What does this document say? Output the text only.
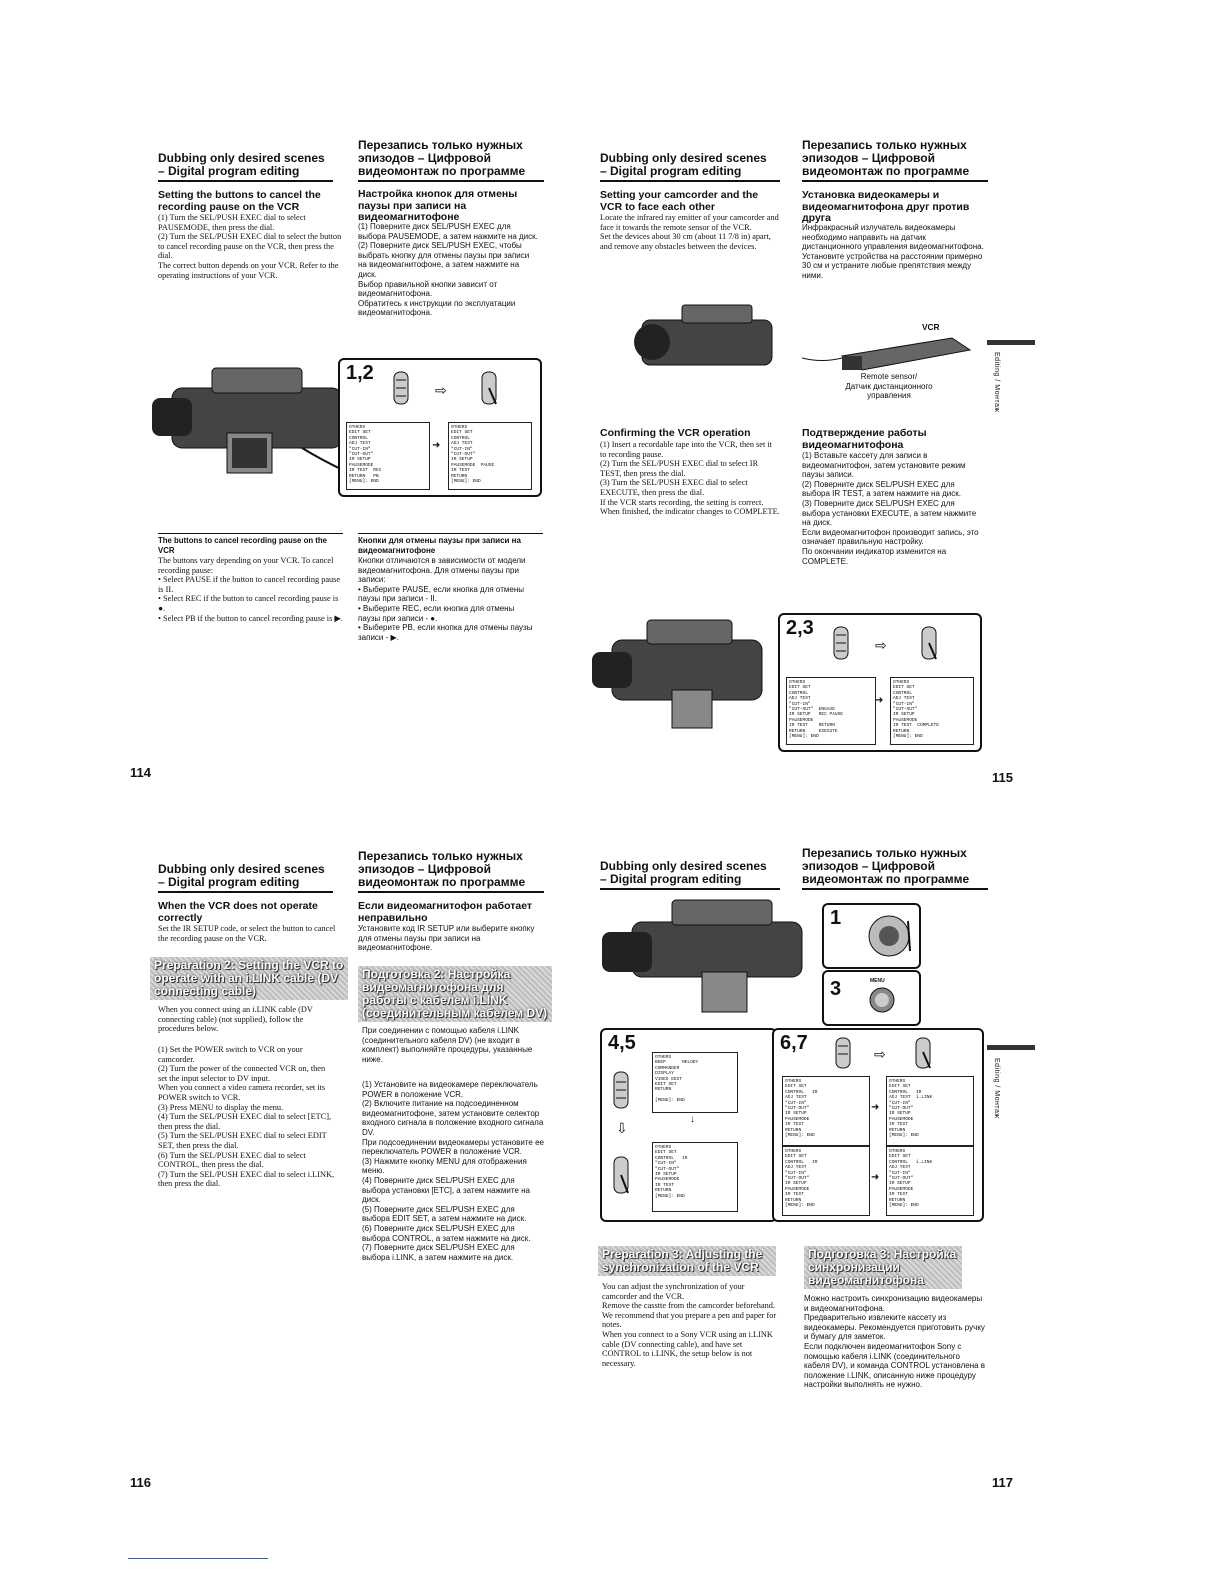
Dubbing only desired scenes
– Digital program editing
Перезапись только нужных эпизодов – Цифровой видеомонтаж по программе
Setting the buttons to cancel the recording pause on the VCR
(1) Turn the SEL/PUSH EXEC dial to select PAUSEMODE, then press the dial.
(2) Turn the SEL/PUSH EXEC dial to select the button to cancel recording pause on the VCR, then press the dial.
The correct button depends on your VCR. Refer to the operating instructions of your VCR.
Настройка кнопок для отмены паузы при записи на видеомагнитофоне
(1) Поверните диск SEL/PUSH EXEC для выбора PAUSEMODE, а затем нажмите на диск.
(2) Поверните диск SEL/PUSH EXEC, чтобы выбрать кнопку для отмены паузы при записи на видеомагнитофоне, а затем нажмите на диск.
Выбор правильной кнопки зависит от видеомагнитофона.
Обратитесь к инструкции по эксплуатации видеомагнитофона.
1,2
⇨
OTHERS
EDIT SET
CONTROL
ADJ TEST
"CUT-IN"
"CUT-OUT"
IR SETUP
PAUSEMODE
IR TEST  REC
RETURN   PB
[MENU]: END
➜
OTHERS
EDIT SET
CONTROL
ADJ TEST
"CUT-IN"
"CUT-OUT"
IR SETUP
PAUSEMODE  PAUSE
IR TEST
RETURN
[MENU]: END
The buttons to cancel recording pause on the VCR
The buttons vary depending on your VCR. To cancel recording pause:
• Select PAUSE if the button to cancel recording pause is II.
• Select REC if the button to cancel recording pause is ●.
• Select PB if the button to cancel recording pause is ▶.
Кнопки для отмены паузы при записи на видеомагнитофоне
Кнопки отличаются в зависимости от модели видеомагнитофона. Для отмены паузы при записи:
• Выберите PAUSE, если кнопка для отмены паузы при записи - II.
• Выберите REC, если кнопка для отмены паузы при записи - ●.
• Выберите PB, если кнопка для отмены паузы записи - ▶.
114
Dubbing only desired scenes
– Digital program editing
Перезапись только нужных эпизодов – Цифровой видеомонтаж по программе
Setting your camcorder and the VCR to face each other
Locate the infrared ray emitter of your camcorder and face it towards the remote sensor of the VCR.
Set the devices about 30 cm (about 11 7/8 in) apart, and remove any obstacles between the devices.
Установка видеокамеры и видеомагнитофона друг против друга
Инфракрасный излучатель видеокамеры необходимо направить на датчик дистанционного управления видеомагнитофона.
Установите устройства на расстоянии примерно 30 см и устраните любые препятствия между ними.
VCR
Remote sensor/
Датчик дистанционного
управления	Editing / Монтаж
Confirming the VCR operation
(1) Insert a recordable tape into the VCR, then set it to recording pause.
(2) Turn the SEL/PUSH EXEC dial to select IR TEST, then press the dial.
(3) Turn the SEL/PUSH EXEC dial to select EXECUTE, then press the dial.
If the VCR starts recording, the setting is correct.
When finished, the indicator changes to COMPLETE.
Подтверждение работы видеомагнитофона
(1) Вставьте кассету для записи в видеомагнитофон, затем установите режим паузы записи.
(2) Поверните диск SEL/PUSH EXEC для выбора IR TEST, а затем нажмите на диск.
(3) Поверните диск SEL/PUSH EXEC для выбора установки EXECUTE, а затем нажмите на диск.
Если видеомагнитофон производит запись, это означает правильную настройку.
По окончании индикатор изменится на COMPLETE.
2,3
⇨
OTHERS
EDIT SET
CONTROL
ADJ TEST
"CUT-IN"
"CUT-OUT"  ENGAGE
IR SETUP   REC PAUSE
PAUSEMODE
IR TEST    RETURN
RETURN     EXECUTE
[MENU]: END
➜
OTHERS
EDIT SET
CONTROL
ADJ TEST
"CUT-IN"
"CUT-OUT"
IR SETUP
PAUSEMODE
IR TEST  COMPLETE
RETURN
[MENU]: END
115
Dubbing only desired scenes
– Digital program editing
Перезапись только нужных эпизодов – Цифровой видеомонтаж по программе
When the VCR does not operate correctly
Set the IR SETUP code, or select the button to cancel the recording pause on the VCR.
Если видеомагнитофон работает неправильно
Установите код IR SETUP или выберите кнопку для отмены паузы при записи на видеомагнитофоне.
Preparation 2: Setting the VCR to operate with an i.LINK cable (DV connecting cable)
Подготовка 2: Настройка видеомагнитофона для работы с кабелем i.LINK (соединительным кабелем DV)
When you connect using an i.LINK cable (DV connecting cable) (not supplied), follow the procedures below.
(1) Set the POWER switch to VCR on your camcorder.
(2) Turn the power of the connected VCR on, then set the input selector to DV input.
When you connect a video camera recorder, set its POWER switch to VCR.
(3) Press MENU to display the menu.
(4) Turn the SEL/PUSH EXEC dial to select [ETC], then press the dial.
(5) Turn the SEL/PUSH EXEC dial to select EDIT SET, then press the dial.
(6) Turn the SEL/PUSH EXEC dial to select CONTROL, then press the dial.
(7) Turn the SEL/PUSH EXEC dial to select i.LINK, then press the dial.
При соединении с помощью кабеля i.LINK (соединительного кабеля DV) (не входит в комплект) выполняйте процедуры, указанные ниже.
(1) Установите на видеокамере переключатель POWER в положение VCR.
(2) Включите питание на подсоединенном видеомагнитофоне, затем установите селектор входного сигнала в положение входного сигнала DV.
При подсоединении видеокамеры установите ее переключатель POWER в положение VCR.
(3) Нажмите кнопку MENU для отображения меню.
(4) Поверните диск SEL/PUSH EXEC для выбора установки [ETC], а затем нажмите на диск.
(5) Поверните диск SEL/PUSH EXEC для выбора EDIT SET, а затем нажмите на диск.
(6) Поверните диск SEL/PUSH EXEC для выбора CONTROL, а затем нажмите на диск.
(7) Поверните диск SEL/PUSH EXEC для выбора i.LINK, а затем нажмите на диск.
116
Dubbing only desired scenes
– Digital program editing
Перезапись только нужных эпизодов – Цифровой видеомонтаж по программе
1
3	MENU
4,5
⇩
OTHERS
BEEP      MELODY
COMMANDER
DISPLAY
VIDEO EDIT
EDIT SET
RETURN

[MENU]: END
↓
OTHERS
EDIT SET
CONTROL   IR
"CUT-IN"
"CUT-OUT"
IR SETUP
PAUSEMODE
IR TEST
RETURN
[MENU]: END
6,7	⇨
OTHERS
EDIT SET
CONTROL   IR
ADJ TEST
"CUT-IN"
"CUT-OUT"
IR SETUP
PAUSEMODE
IR TEST
RETURN
[MENU]: END
➜
OTHERS
EDIT SET
CONTROL   IR
ADJ TEST  i.LINK
"CUT-IN"
"CUT-OUT"
IR SETUP
PAUSEMODE
IR TEST
RETURN
[MENU]: END
OTHERS
EDIT SET
CONTROL   IR
ADJ TEST
"CUT-IN"
"CUT-OUT"
IR SETUP
PAUSEMODE
IR TEST
RETURN
[MENU]: END
➜
OTHERS
EDIT SET
CONTROL   i.LINK
ADJ TEST
"CUT-IN"
"CUT-OUT"
IR SETUP
PAUSEMODE
IR TEST
RETURN
[MENU]: END
Editing / Монтаж
Preparation 3: Adjusting the synchronization of the VCR
Подготовка 3: Настройка синхронизации видеомагнитофона
You can adjust the synchronization of your camcorder and the VCR.
Remove the casstte from the camcorder beforehand. We recommend that you prepare a pen and paper for notes.
When you connect to a Sony VCR using an i.LINK cable (DV connecting cable), and have set CONTROL to i.LINK, the setup below is not necessary.
Можно настроить синхронизацию видеокамеры и видеомагнитофона.
Предварительно извлеките кассету из видеокамеры. Рекомендуется приготовить ручку и бумагу для заметок.
Если подключен видеомагнитофон Sony с помощью кабеля i.LINK (соединительного кабеля DV), и команда CONTROL установлена в положение i.LINK, описанную ниже процедуру настройки выполнять не нужно.
117
